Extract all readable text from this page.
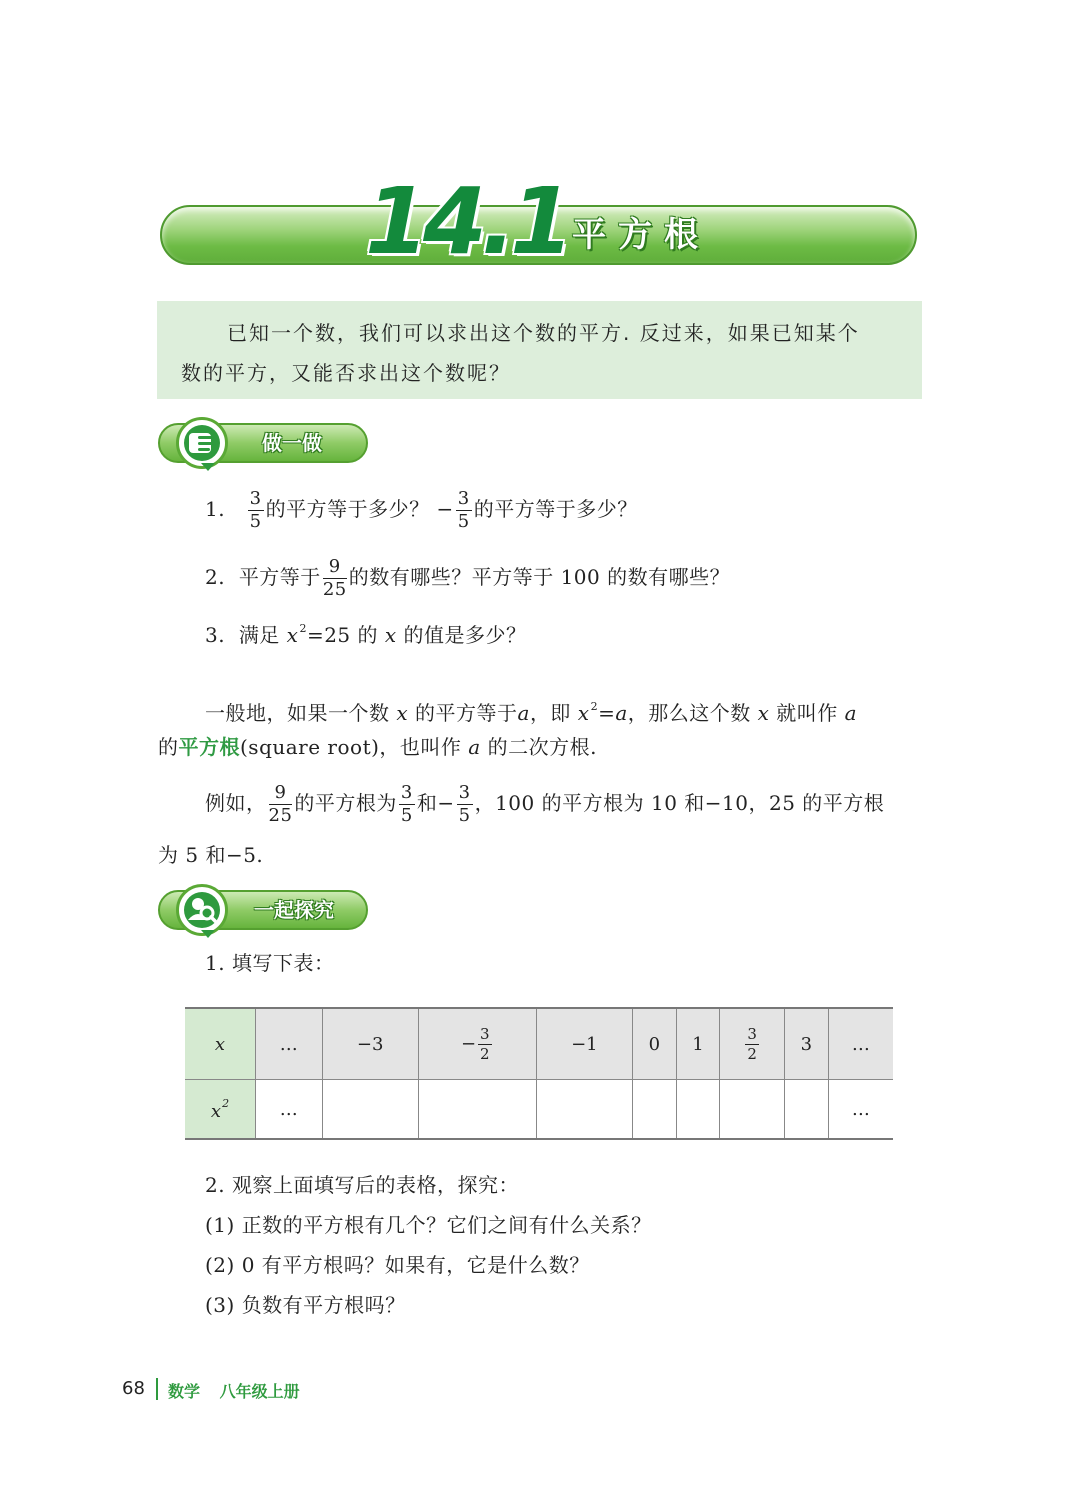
14.1 平方根
已知一个数，我们可以求出这个数的平方. 反过来，如果已知某个
数的平方，又能否求出这个数呢？
做一做
1. $\frac{3}{5}$ 的平方等于多少？ − $\frac{3}{5}$ 的平方等于多少？
2. 平方等于 $\frac{9}{25}$ 的数有哪些？平方等于 100 的数有哪些？
3. 满足 $x^2=25$ 的 x 的值是多少？
一般地，如果一个数 x 的平方等于a，即 $x^2=a$，那么这个数 x 就叫作 a
的平方根(square root)，也叫作 a 的二次方根.
例如， $\frac{9}{25}$ 的平方根为 $\frac{3}{5}$ 和− $\frac{3}{5}$ ，100 的平方根为 10 和−10，25 的平方根
为 5 和−5.
一起探究
1. 填写下表：
x	…	−3	− $\frac{3}{2}$	−1	0	1	$\frac{3}{2}$	3	…
$x^2$	…								…
2. 观察上面填写后的表格，探究：
(1) 正数的平方根有几个？它们之间有什么关系？
(2) 0 有平方根吗？如果有，它是什么数？
(3) 负数有平方根吗？
68 数学 八年级上册
